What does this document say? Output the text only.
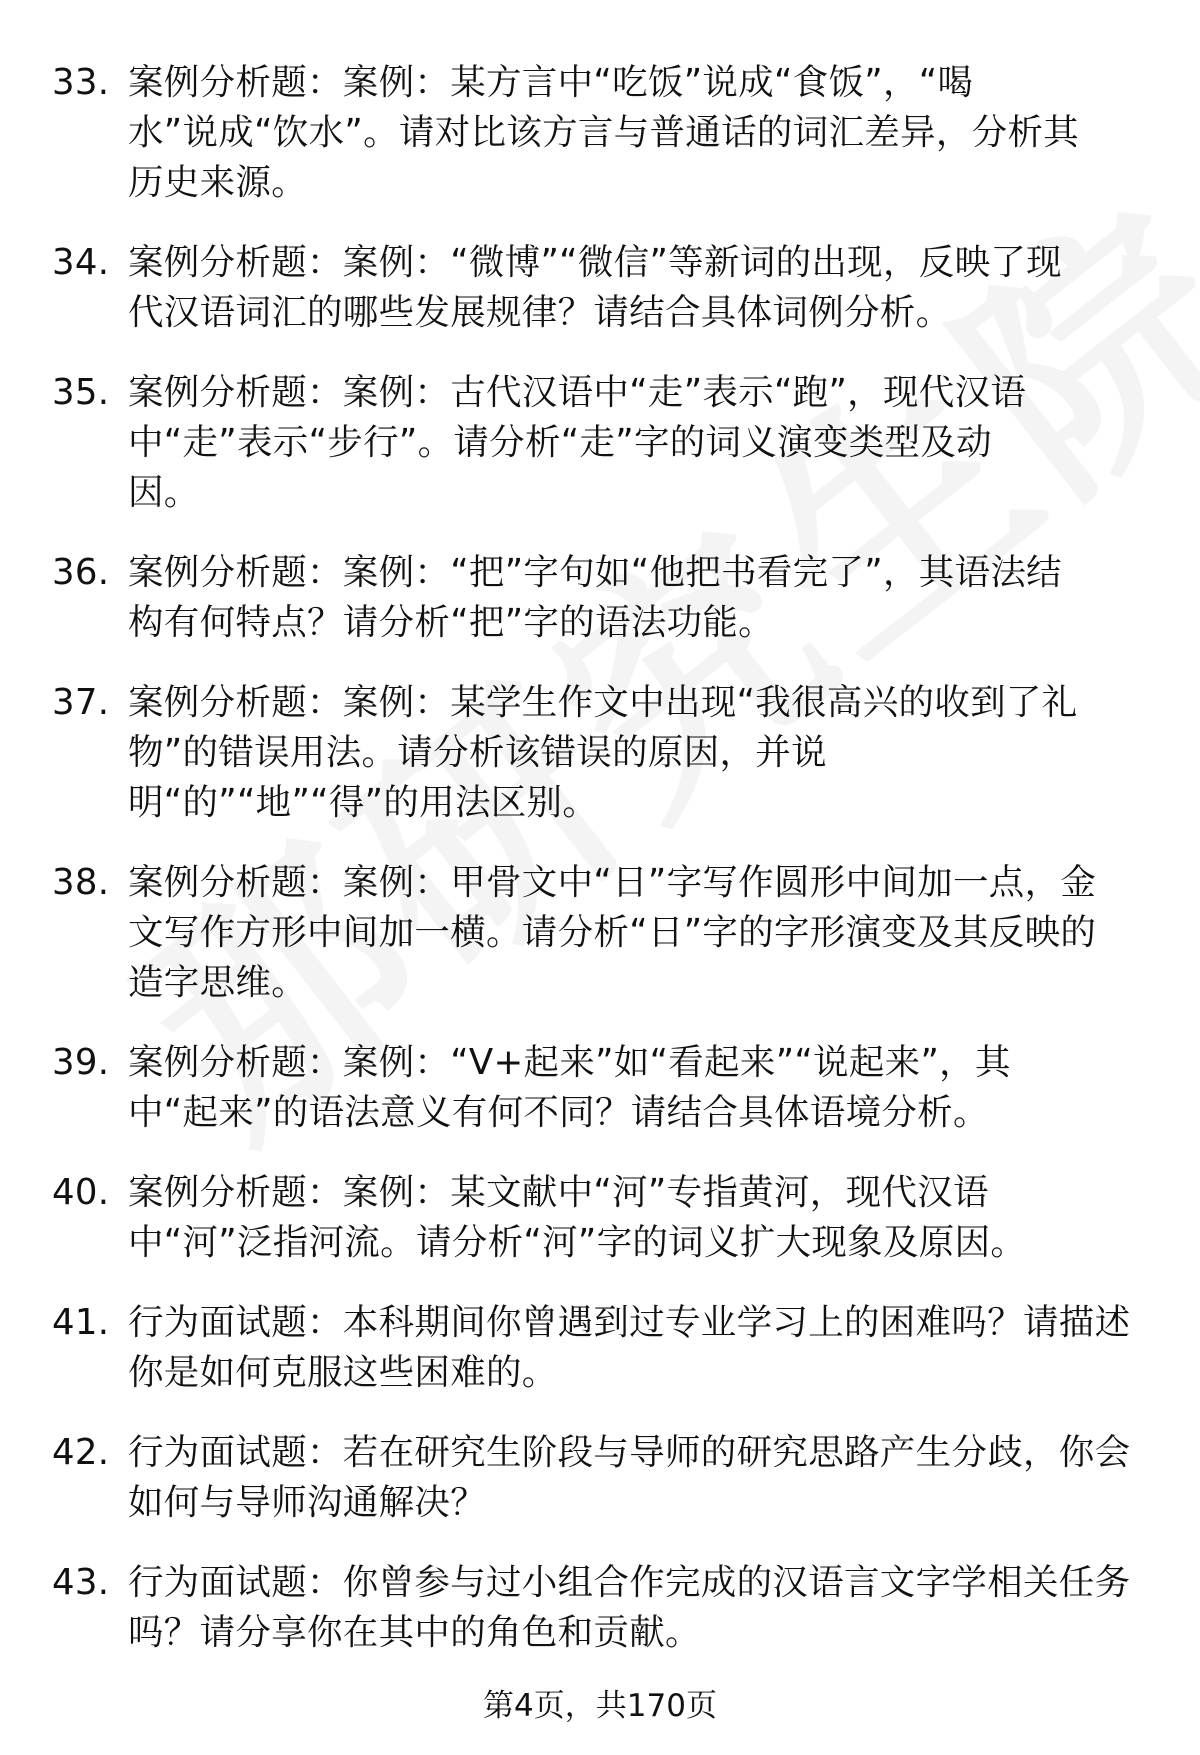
33. 案例分析题：案例：某方言中“吃饭”说成“食饭”，“喝
水”说成“饮水”。请对比该方言与普通话的词汇差异，分析其
历史来源。
34. 案例分析题：案例：“微博”“微信”等新词的出现，反映了现
代汉语词汇的哪些发展规律？请结合具体词例分析。
35. 案例分析题：案例：古代汉语中“走”表示“跑”，现代汉语
中“走”表示“步行”。请分析“走”字的词义演变类型及动
因。
36. 案例分析题：案例：“把”字句如“他把书看完了”，其语法结
构有何特点？请分析“把”字的语法功能。
37. 案例分析题：案例：某学生作文中出现“我很高兴的收到了礼
物”的错误用法。请分析该错误的原因，并说
明“的”“地”“得”的用法区别。
38. 案例分析题：案例：甲骨文中“日”字写作圆形中间加一点，金
文写作方形中间加一横。请分析“日”字的字形演变及其反映的
造字思维。
39. 案例分析题：案例：“V+起来”如“看起来”“说起来”，其
中“起来”的语法意义有何不同？请结合具体语境分析。
40. 案例分析题：案例：某文献中“河”专指黄河，现代汉语
中“河”泛指河流。请分析“河”字的词义扩大现象及原因。
41. 行为面试题：本科期间你曾遇到过专业学习上的困难吗？请描述
你是如何克服这些困难的。
42. 行为面试题：若在研究生阶段与导师的研究思路产生分歧，你会
如何与导师沟通解决？
43. 行为面试题：你曾参与过小组合作完成的汉语言文字学相关任务
吗？请分享你在其中的角色和贡献。
第4页，共170页
